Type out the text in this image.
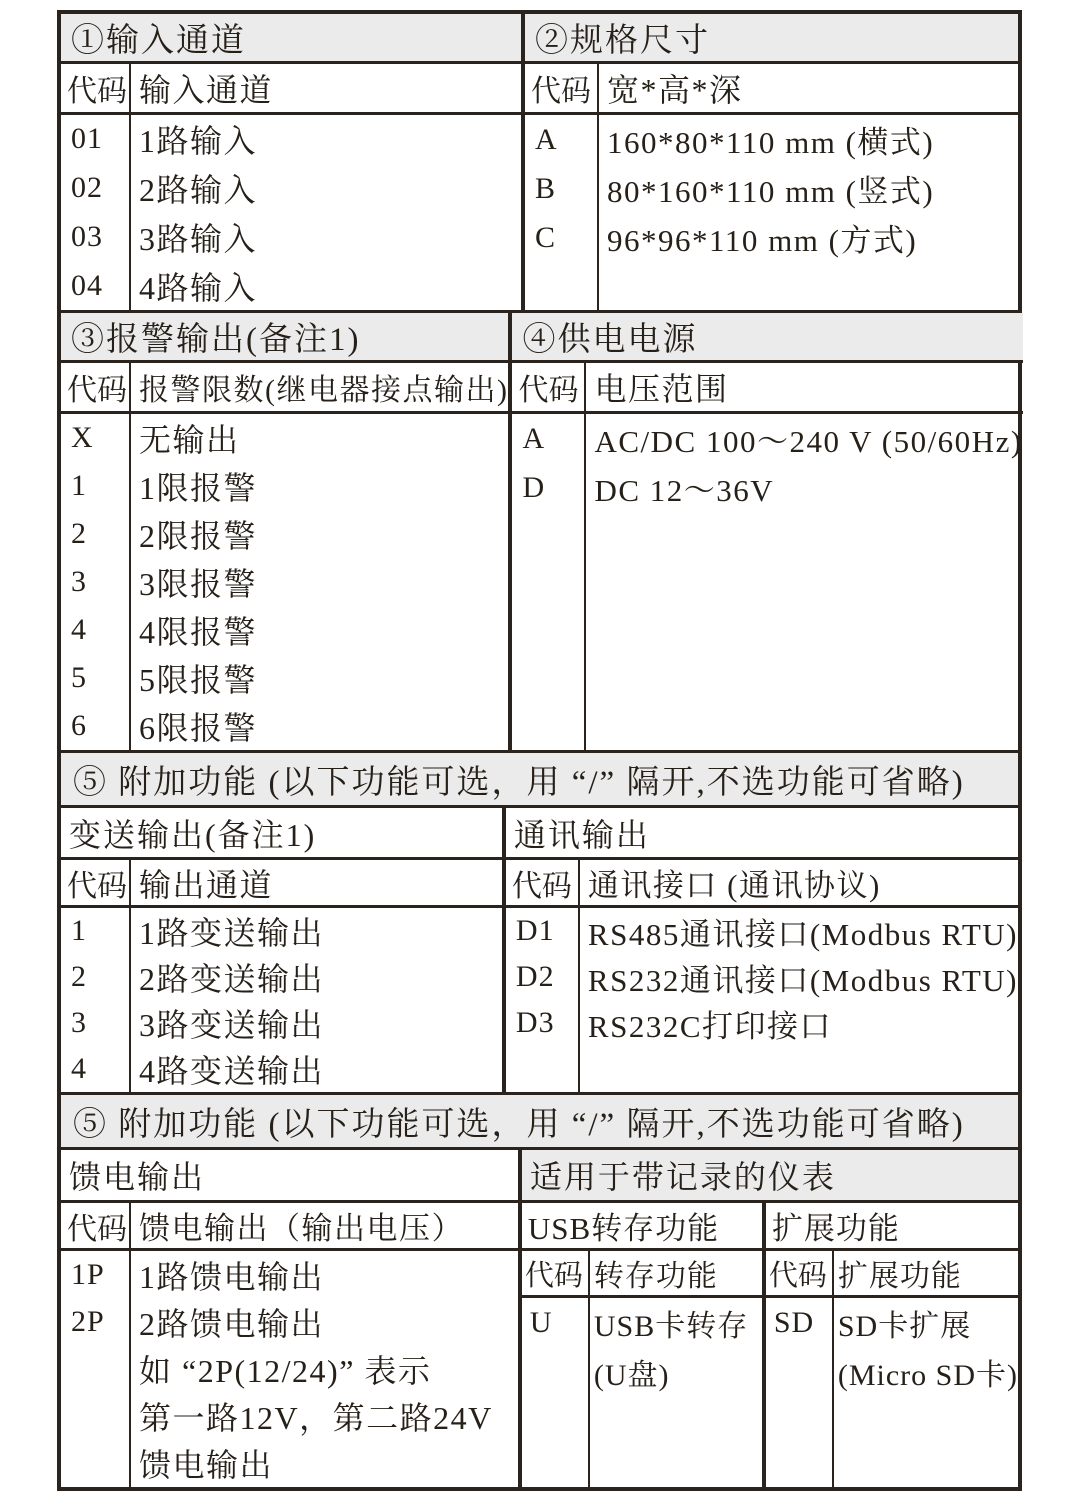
①输入通道
代码 输入通道
01
02
03
04
1路输入
2路输入
3路输入
4路输入
②规格尺寸
代码 宽*高*深
A
B
C
160*80*110 mm (横式)
80*160*110 mm (竖式)
96*96*110 mm (方式)
③报警输出(备注1)
代码 报警限数(继电器接点输出)
X
1
2
3
4
5
6
无输出
1限报警
2限报警
3限报警
4限报警
5限报警
6限报警
④供电电源
代码 电压范围
A
D
AC/DC 100～240 V (50/60Hz)
DC 12～36V
⑤ 附加功能 (以下功能可选，用 “/” 隔开,不选功能可省略)
变送输出(备注1)
代码 输出通道
1
2
3
4
1路变送输出
2路变送输出
3路变送输出
4路变送输出
通讯输出
代码 通讯接口 (通讯协议)
D1
D2
D3
RS485通讯接口(Modbus RTU)
RS232通讯接口(Modbus RTU)
RS232C打印接口
⑤ 附加功能 (以下功能可选，用 “/” 隔开,不选功能可省略)
馈电输出
代码 馈电输出（输出电压）
1P
2P
1路馈电输出
2路馈电输出
如 “2P(12/24)” 表示
第一路12V，第二路24V
馈电输出
适用于带记录的仪表
USB转存功能
代码 转存功能
U	USB卡转存
(U盘)
扩展功能
代码 扩展功能
SD SD卡扩展
(Micro SD卡)
